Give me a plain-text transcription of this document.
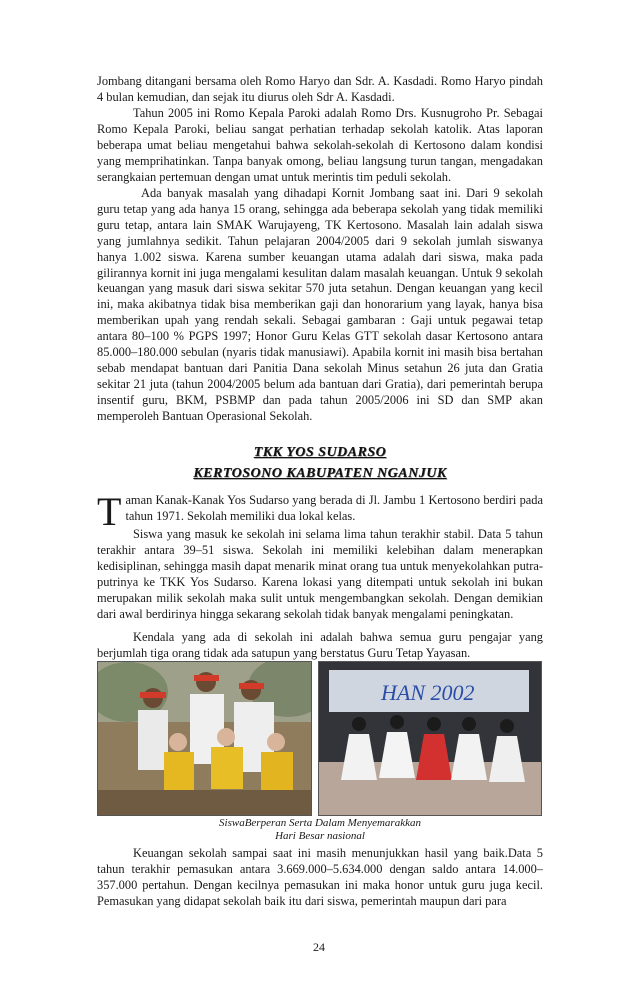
Jombang ditangani bersama oleh Romo Haryo dan Sdr. A. Kasdadi. Romo Haryo pindah 4 bulan kemudian, dan sejak itu diurus oleh Sdr A. Kasdadi.

Tahun 2005 ini Romo Kepala Paroki adalah Romo Drs. Kusnugroho Pr. Sebagai Romo Kepala Paroki, beliau sangat perhatian terhadap sekolah katolik. Atas laporan beberapa umat beliau mengetahui bahwa sekolah-sekolah di Kertosono dalam kondisi yang memprihatinkan. Tanpa banyak omong, beliau langsung turun tangan, mengadakan serangkaian pertemuan dengan umat untuk merintis tim peduli sekolah.

Ada banyak masalah yang dihadapi Kornit Jombang saat ini. Dari 9 sekolah guru tetap yang ada hanya 15 orang, sehingga ada beberapa sekolah yang tidak memiliki guru tetap, antara lain SMAK Warujayeng, TK Kertosono. Masalah lain adalah siswa yang jumlahnya sedikit. Tahun pelajaran 2004/2005 dari 9 sekolah jumlah siswanya hanya 1.002 siswa. Karena sumber keuangan utama adalah dari siswa, maka pada gilirannya kornit ini juga mengalami kesulitan dalam masalah keuangan. Untuk 9 sekolah keuangan yang masuk dari siswa sekitar 570 juta setahun. Dengan keuangan yang kecil ini, maka akibatnya tidak bisa memberikan gaji dan honorarium yang layak, hanya bisa memberikan upah yang rendah sekali. Sebagai gambaran : Gaji untuk pegawai tetap antara 80–100 % PGPS 1997; Honor Guru Kelas GTT sekolah dasar Kertosono antara 85.000–180.000 sebulan (nyaris tidak manusiawi). Apabila kornit ini masih bisa bertahan sebab mendapat bantuan dari Panitia Dana sekolah Minus setahun 26 juta dan Gratia sekitar 21 juta (tahun 2004/2005 belum ada bantuan dari Gratia), dari pemerintah berupa insentif guru, BKM, PSBMP dan pada tahun 2005/2006 ini SD dan SMP akan memperoleh Bantuan Operasional Sekolah.

TKK YOS SUDARSO
KERTOSONO KABUPATEN NGANJUK

Taman Kanak-Kanak Yos Sudarso yang berada di Jl. Jambu 1 Kertosono berdiri pada tahun 1971. Sekolah memiliki dua lokal kelas.

Siswa yang masuk ke sekolah ini selama lima tahun terakhir stabil. Data 5 tahun terakhir antara 39–51 siswa. Sekolah ini memiliki kelebihan dalam menerapkan kedisiplinan, sehingga masih dapat menarik minat orang tua untuk menyekolahkan putra-putrinya ke TKK Yos Sudarso. Karena lokasi yang ditempati untuk sekolah ini bukan merupakan milik sekolah maka sulit untuk mengembangkan sekolah. Dengan demikian dari awal berdirinya hingga sekarang sekolah tidak banyak mengalami peningkatan.

Kendala yang ada di sekolah ini adalah bahwa semua guru pengajar yang berjumlah tiga orang tidak ada satupun yang berstatus Guru Tetap Yayasan.

HAN 2002
SiswaBerperan Serta Dalam Menyemarakkan
Hari Besar nasional

Keuangan sekolah sampai saat ini masih menunjukkan hasil yang baik.Data 5 tahun terakhir pemasukan antara 3.669.000–5.634.000 dengan saldo antara 14.000–357.000 pertahun. Dengan kecilnya pemasukan ini maka honor untuk guru juga kecil. Pemasukan yang didapat sekolah baik itu dari siswa, pemerintah maupun dari para

24
